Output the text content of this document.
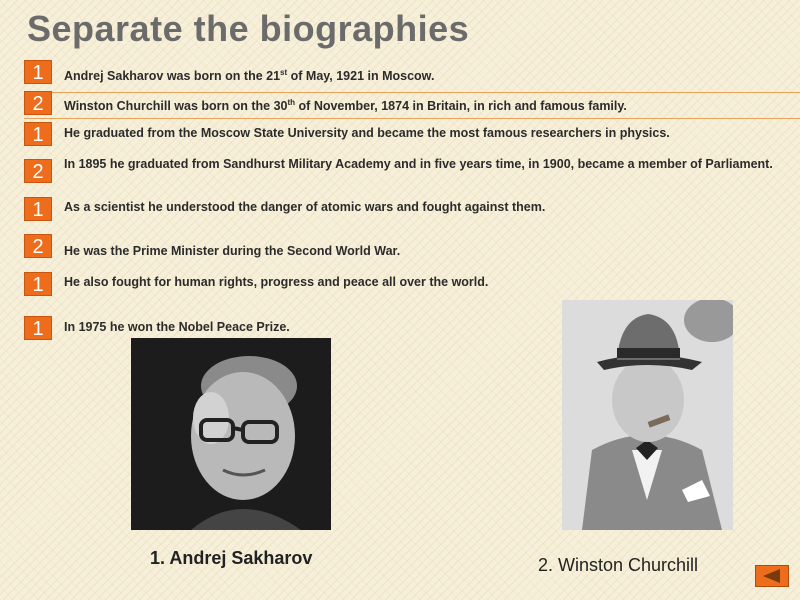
Separate the biographies
1	Andrej Sakharov was born on the 21st of May, 1921 in Moscow.
2	Winston Churchill was born on the 30th of November, 1874 in Britain, in rich and famous family.
1	He graduated from the Moscow State University and became the most famous researchers in physics.
2	In 1895 he graduated from Sandhurst Military Academy and in five years time, in 1900, became a member of Parliament.
1	As a scientist he understood the danger of atomic wars and fought against them.
2	He was the Prime Minister during the Second World War.
1	He also fought for human rights, progress and peace all over the world.
1	In 1975 he won the Nobel Peace Prize.
1. Andrej Sakharov	2. Winston Churchill
